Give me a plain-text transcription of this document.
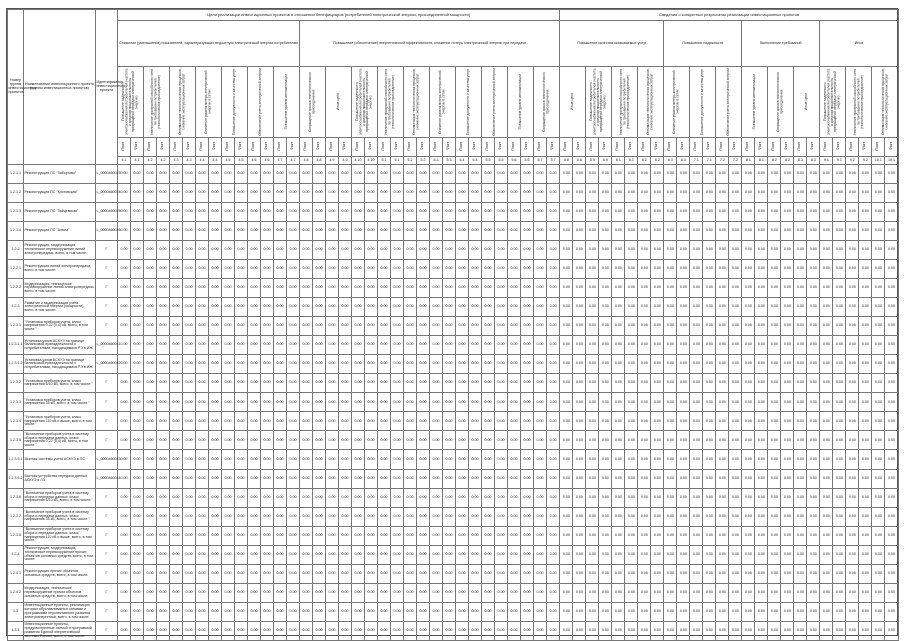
Номер группы инвестиционных проектов	Наименование инвестиционного проекта (группы инвестиционных проектов)	Идентификатор инвестиционного проекта	Цели реализации инвестиционных проектов в отношении бенефициаров (потребителей электрической энергии, присоединенной мощности)																																		Сведения о конкретных результатах реализации инвестиционных проектов																									
			Снижение (уменьшение) показателей, характеризующих недоотпуск электрической энергии потребителям														Повышение (обеспечение) энергетической эффективности, снижение потерь электрической энергии при передаче																				Повышение качества оказываемых услуг								Повышение надежности						Выполнение требований						Иное					

			Повышение надежности электроснабжения потребителей (частота и средняя продолжительность прекращений передачи электрической энергии)		Увеличение пропускной способности сети по требованию потребителей (технологическое присоединение)		Оптимизация технологических процессов, снижение эксплуатационных затрат		Снижение уровня потерь электрической энергии в сетях		Повышение доступности и качества услуг		Обеспечение учета электрической энергии		Повышение уровня автоматизации		Сокращение сроков технологического присоединения		Иные цели		Повышение надежности электроснабжения потребителей (частота и средняя продолжительность прекращений передачи электрической энергии)		Увеличение пропускной способности сети по требованию потребителей (технологическое присоединение)		Оптимизация технологических процессов, снижение эксплуатационных затрат		Снижение уровня потерь электрической энергии в сетях		Повышение доступности и качества услуг		Обеспечение учета электрической энергии		Повышение уровня автоматизации		Сокращение сроков технологического присоединения		Иные цели		Повышение надежности электроснабжения потребителей (частота и средняя продолжительность прекращений передачи электрической энергии)		Увеличение пропускной способности сети по требованию потребителей (технологическое присоединение)		Оптимизация технологических процессов, снижение эксплуатационных затрат		Снижение уровня потерь электрической энергии в сетях		Повышение доступности и качества услуг		Обеспечение учета электрической энергии		Повышение уровня автоматизации		Сокращение сроков технологического присоединения		Иные цели		Повышение надежности электроснабжения потребителей (частота и средняя продолжительность прекращений передачи электрической энергии)		Увеличение пропускной способности сети по требованию потребителей (технологическое присоединение)		Оптимизация технологических процессов, снижение эксплуатационных затрат	

			План	Факт	План	Факт	План	Факт	План	Факт	План	Факт	План	Факт	План	Факт	План	Факт	План	Факт	План	Факт	План	Факт	План	Факт	План	Факт	План	Факт	План	Факт	План	Факт	План	Факт	План	Факт	План	Факт	План	Факт	План	Факт	План	Факт	План	Факт	План	Факт	План	Факт	План	Факт	План	Факт	План	Факт	План	Факт	План	Факт
			4.1	4.1	4.2	4.2	4.3	4.3	4.4	4.4	4.5	4.5	4.6	4.6	4.7	4.7	4.8	4.8	4.9	4.9	4.10	4.10	5.1	5.1	5.2	5.2	5.3	5.3	5.4	5.4	5.5	5.5	5.6	5.6	5.7	5.7	5.8	5.8	5.9	5.9	6.1	6.1	6.2	6.2	6.3	6.3	7.1	7.1	7.2	7.2	8.1	8.1	8.2	8.2	8.3	8.3	9.1	9.1	9.2	9.2	10.1	10.1
1.2.1.1	Реконструкция ПС "Заборгово"	L_0000460023	0.00	0.00	0.00	0.00	0.00	0.00	0.00	0.00	0.00	0.00	0.00	0.00	0.00	0.00	0.00	0.00	0.00	0.00	0.00	0.00	0.00	0.00	0.00	0.00	0.00	0.00	0.00	0.00	0.00	0.00	0.00	0.00	0.00	0.00	0.00	0.00	0.00	0.00	0.00	0.00	0.00	0.00	0.00	0.00	0.00	0.00	0.00	0.00	0.00	0.00	0.00	0.00	0.00	0.00	0.00	0.00	0.00	0.00	0.00	0.00
1.2.1.2	Реконструкция ПС "Кротовская"	L_0000460024	0.00	0.00	0.00	0.00	0.00	0.00	0.00	0.00	0.00	0.00	0.00	0.00	0.00	0.00	0.00	0.00	0.00	0.00	0.00	0.00	0.00	0.00	0.00	0.00	0.00	0.00	0.00	0.00	0.00	0.00	0.00	0.00	0.00	0.00	0.00	0.00	0.00	0.00	0.00	0.00	0.00	0.00	0.00	0.00	0.00	0.00	0.00	0.00	0.00	0.00	0.00	0.00	0.00	0.00	0.00	0.00	0.00	0.00	0.00	0.00
1.2.1.3	Реконструкция ПС "Зайцевская"	L_0000460025	0.00	0.00	0.00	0.00	0.00	0.00	0.00	0.00	0.00	0.00	0.00	0.00	0.00	0.00	0.00	0.00	0.00	0.00	0.00	0.00	0.00	0.00	0.00	0.00	0.00	0.00	0.00	0.00	0.00	0.00	0.00	0.00	0.00	0.00	0.00	0.00	0.00	0.00	0.00	0.00	0.00	0.00	0.00	0.00	0.00	0.00	0.00	0.00	0.00	0.00	0.00	0.00	0.00	0.00	0.00	0.00	0.00	0.00	0.00	0.00
1.2.1.4	Реконструкция ПС "Алмаз"	L_0000460026	0.00	0.00	0.00	0.00	0.00	0.00	0.00	0.00	0.00	0.00	0.00	0.00	0.00	0.00	0.00	0.00	0.00	0.00	0.00	0.00	0.00	0.00	0.00	0.00	0.00	0.00	0.00	0.00	0.00	0.00	0.00	0.00	0.00	0.00	0.00	0.00	0.00	0.00	0.00	0.00	0.00	0.00	0.00	0.00	0.00	0.00	0.00	0.00	0.00	0.00	0.00	0.00	0.00	0.00	0.00	0.00	0.00	0.00	0.00	0.00
1.2.2	Реконструкция, модернизация, техническое перевооружение линий электропередачи, всего, в том числе:	Г	0.00	0.00	0.00	0.00	0.00	0.00	0.00	0.00	0.00	0.00	0.00	0.00	0.00	0.00	0.00	0.00	0.00	0.00	0.00	0.00	0.00	0.00	0.00	0.00	0.00	0.00	0.00	0.00	0.00	0.00	0.00	0.00	0.00	0.00	0.00	0.00	0.00	0.00	0.00	0.00	0.00	0.00	0.00	0.00	0.00	0.00	0.00	0.00	0.00	0.00	0.00	0.00	0.00	0.00	0.00	0.00	0.00	0.00	0.00	0.00
1.2.2.1	Реконструкция линий электропередачи, всего, в том числе:	Г	0.00	0.00	0.00	0.00	0.00	0.00	0.00	0.00	0.00	0.00	0.00	0.00	0.00	0.00	0.00	0.00	0.00	0.00	0.00	0.00	0.00	0.00	0.00	0.00	0.00	0.00	0.00	0.00	0.00	0.00	0.00	0.00	0.00	0.00	0.00	0.00	0.00	0.00	0.00	0.00	0.00	0.00	0.00	0.00	0.00	0.00	0.00	0.00	0.00	0.00	0.00	0.00	0.00	0.00	0.00	0.00	0.00	0.00	0.00	0.00
1.2.2.2	Модернизация, техническое перевооружение линий электропередачи, всего, в том числе:	Г	0.00	0.00	0.00	0.00	0.00	0.00	0.00	0.00	0.00	0.00	0.00	0.00	0.00	0.00	0.00	0.00	0.00	0.00	0.00	0.00	0.00	0.00	0.00	0.00	0.00	0.00	0.00	0.00	0.00	0.00	0.00	0.00	0.00	0.00	0.00	0.00	0.00	0.00	0.00	0.00	0.00	0.00	0.00	0.00	0.00	0.00	0.00	0.00	0.00	0.00	0.00	0.00	0.00	0.00	0.00	0.00	0.00	0.00	0.00	0.00
1.2.3	Развитие и модернизация учета электрической энергии (мощности), всего, в том числе:	Г	0.00	0.00	0.00	0.00	0.00	0.00	0.00	0.00	0.00	0.00	0.00	0.00	0.00	0.00	0.00	0.00	0.00	0.00	0.00	0.00	0.00	0.00	0.00	0.00	0.00	0.00	0.00	0.00	0.00	0.00	0.00	0.00	0.00	0.00	0.00	0.00	0.00	0.00	0.00	0.00	0.00	0.00	0.00	0.00	0.00	0.00	0.00	0.00	0.00	0.00	0.00	0.00	0.00	0.00	0.00	0.00	0.00	0.00	0.00	0.00
1.2.3.1	"Установка приборов учета, класс напряжения 0,22 (0,4) кВ, всего, в том числе:"	Г	0.00	0.00	0.00	0.00	0.00	0.00	0.00	0.00	0.00	0.00	0.00	0.00	0.00	0.00	0.00	0.00	0.00	0.00	0.00	0.00	0.00	0.00	0.00	0.00	0.00	0.00	0.00	0.00	0.00	0.00	0.00	0.00	0.00	0.00	0.00	0.00	0.00	0.00	0.00	0.00	0.00	0.00	0.00	0.00	0.00	0.00	0.00	0.00	0.00	0.00	0.00	0.00	0.00	0.00	0.00	0.00	0.00	0.00	0.00	0.00
1.2.3.1.1	Установка узлов АСКУЭ на границе балансовой принадлежности с потребителями, находящимися РЭ в ИЖ	L_0000460041	0.00	0.00	0.00	0.00	0.00	0.00	0.00	0.00	0.00	0.00	0.00	0.00	0.00	0.00	0.00	0.00	0.00	0.00	0.00	0.00	0.00	0.00	0.00	0.00	0.00	0.00	0.00	0.00	0.00	0.00	0.00	0.00	0.00	0.00	0.00	0.00	0.00	0.00	0.00	0.00	0.00	0.00	0.00	0.00	0.00	0.00	0.00	0.00	0.00	0.00	0.00	0.00	0.00	0.00	0.00	0.00	0.00	0.00	0.00	0.00
1.2.3.1.2	Установка узлов АСКУЭ на границе балансовой принадлежности с потребителями, находящимися РЭ в ИЖ	L_0000460042	0.00	0.00	0.00	0.00	0.00	0.00	0.00	0.00	0.00	0.00	0.00	0.00	0.00	0.00	0.00	0.00	0.00	0.00	0.00	0.00	0.00	0.00	0.00	0.00	0.00	0.00	0.00	0.00	0.00	0.00	0.00	0.00	0.00	0.00	0.00	0.00	0.00	0.00	0.00	0.00	0.00	0.00	0.00	0.00	0.00	0.00	0.00	0.00	0.00	0.00	0.00	0.00	0.00	0.00	0.00	0.00	0.00	0.00	0.00	0.00
1.2.3.2	"Установка приборов учета, класс напряжения 6/10 кВ, всего, в том числе:"	Г	0.00	0.00	0.00	0.00	0.00	0.00	0.00	0.00	0.00	0.00	0.00	0.00	0.00	0.00	0.00	0.00	0.00	0.00	0.00	0.00	0.00	0.00	0.00	0.00	0.00	0.00	0.00	0.00	0.00	0.00	0.00	0.00	0.00	0.00	0.00	0.00	0.00	0.00	0.00	0.00	0.00	0.00	0.00	0.00	0.00	0.00	0.00	0.00	0.00	0.00	0.00	0.00	0.00	0.00	0.00	0.00	0.00	0.00	0.00	0.00
1.2.3.3	"Установка приборов учета, класс напряжения 35 кВ, всего, в том числе:"	Г	0.00	0.00	0.00	0.00	0.00	0.00	0.00	0.00	0.00	0.00	0.00	0.00	0.00	0.00	0.00	0.00	0.00	0.00	0.00	0.00	0.00	0.00	0.00	0.00	0.00	0.00	0.00	0.00	0.00	0.00	0.00	0.00	0.00	0.00	0.00	0.00	0.00	0.00	0.00	0.00	0.00	0.00	0.00	0.00	0.00	0.00	0.00	0.00	0.00	0.00	0.00	0.00	0.00	0.00	0.00	0.00	0.00	0.00	0.00	0.00
1.2.3.4	"Установка приборов учета, класс напряжения 110 кВ и выше, всего, в том числе:"	Г	0.00	0.00	0.00	0.00	0.00	0.00	0.00	0.00	0.00	0.00	0.00	0.00	0.00	0.00	0.00	0.00	0.00	0.00	0.00	0.00	0.00	0.00	0.00	0.00	0.00	0.00	0.00	0.00	0.00	0.00	0.00	0.00	0.00	0.00	0.00	0.00	0.00	0.00	0.00	0.00	0.00	0.00	0.00	0.00	0.00	0.00	0.00	0.00	0.00	0.00	0.00	0.00	0.00	0.00	0.00	0.00	0.00	0.00	0.00	0.00
1.2.3.5	"Включение приборов учета в систему сбора и передачи данных, класс напряжения 0,22 (0,4) кВ, всего, в том числе:"	Г	0.00	0.00	0.00	0.00	0.00	0.00	0.00	0.00	0.00	0.00	0.00	0.00	0.00	0.00	0.00	0.00	0.00	0.00	0.00	0.00	0.00	0.00	0.00	0.00	0.00	0.00	0.00	0.00	0.00	0.00	0.00	0.00	0.00	0.00	0.00	0.00	0.00	0.00	0.00	0.00	0.00	0.00	0.00	0.00	0.00	0.00	0.00	0.00	0.00	0.00	0.00	0.00	0.00	0.00	0.00	0.00	0.00	0.00	0.00	0.00
1.2.3.5.1	Монтаж системы учета АСКУЭ в ПС	L_0000460043	0.00	0.00	0.00	0.00	0.00	0.00	0.00	0.00	0.00	0.00	0.00	0.00	0.00	0.00	0.00	0.00	0.00	0.00	0.00	0.00	0.00	0.00	0.00	0.00	0.00	0.00	0.00	0.00	0.00	0.00	0.00	0.00	0.00	0.00	0.00	0.00	0.00	0.00	0.00	0.00	0.00	0.00	0.00	0.00	0.00	0.00	0.00	0.00	0.00	0.00	0.00	0.00	0.00	0.00	0.00	0.00	0.00	0.00	0.00	0.00
1.2.3.5.2	Монтаж устройства передачи данных АСКУЭ в ЛЭ	L_0000460044	0.00	0.00	0.00	0.00	0.00	0.00	0.00	0.00	0.00	0.00	0.00	0.00	0.00	0.00	0.00	0.00	0.00	0.00	0.00	0.00	0.00	0.00	0.00	0.00	0.00	0.00	0.00	0.00	0.00	0.00	0.00	0.00	0.00	0.00	0.00	0.00	0.00	0.00	0.00	0.00	0.00	0.00	0.00	0.00	0.00	0.00	0.00	0.00	0.00	0.00	0.00	0.00	0.00	0.00	0.00	0.00	0.00	0.00	0.00	0.00
1.2.3.6	"Включение приборов учета в систему сбора и передачи данных, класс напряжения 6/10 кВ, всего, в том числе:"	Г	0.00	0.00	0.00	0.00	0.00	0.00	0.00	0.00	0.00	0.00	0.00	0.00	0.00	0.00	0.00	0.00	0.00	0.00	0.00	0.00	0.00	0.00	0.00	0.00	0.00	0.00	0.00	0.00	0.00	0.00	0.00	0.00	0.00	0.00	0.00	0.00	0.00	0.00	0.00	0.00	0.00	0.00	0.00	0.00	0.00	0.00	0.00	0.00	0.00	0.00	0.00	0.00	0.00	0.00	0.00	0.00	0.00	0.00	0.00	0.00
1.2.3.7	"Включение приборов учета в систему сбора и передачи данных, класс напряжения 35 кВ, всего, в том числе:"	Г	0.00	0.00	0.00	0.00	0.00	0.00	0.00	0.00	0.00	0.00	0.00	0.00	0.00	0.00	0.00	0.00	0.00	0.00	0.00	0.00	0.00	0.00	0.00	0.00	0.00	0.00	0.00	0.00	0.00	0.00	0.00	0.00	0.00	0.00	0.00	0.00	0.00	0.00	0.00	0.00	0.00	0.00	0.00	0.00	0.00	0.00	0.00	0.00	0.00	0.00	0.00	0.00	0.00	0.00	0.00	0.00	0.00	0.00	0.00	0.00
1.2.3.8	"Включение приборов учета в систему сбора и передачи данных, класс напряжения 110 кВ и выше, всего, в том числе:"	Г	0.00	0.00	0.00	0.00	0.00	0.00	0.00	0.00	0.00	0.00	0.00	0.00	0.00	0.00	0.00	0.00	0.00	0.00	0.00	0.00	0.00	0.00	0.00	0.00	0.00	0.00	0.00	0.00	0.00	0.00	0.00	0.00	0.00	0.00	0.00	0.00	0.00	0.00	0.00	0.00	0.00	0.00	0.00	0.00	0.00	0.00	0.00	0.00	0.00	0.00	0.00	0.00	0.00	0.00	0.00	0.00	0.00	0.00	0.00	0.00
1.2.4	Реконструкция, модернизация, техническое перевооружение прочих объектов основных средств, всего, в том числе:	Г	0.00	0.00	0.00	0.00	0.00	0.00	0.00	0.00	0.00	0.00	0.00	0.00	0.00	0.00	0.00	0.00	0.00	0.00	0.00	0.00	0.00	0.00	0.00	0.00	0.00	0.00	0.00	0.00	0.00	0.00	0.00	0.00	0.00	0.00	0.00	0.00	0.00	0.00	0.00	0.00	0.00	0.00	0.00	0.00	0.00	0.00	0.00	0.00	0.00	0.00	0.00	0.00	0.00	0.00	0.00	0.00	0.00	0.00	0.00	0.00
1.2.4.1	Реконструкция прочих объектов основных средств, всего, в том числе:	Г	0.00	0.00	0.00	0.00	0.00	0.00	0.00	0.00	0.00	0.00	0.00	0.00	0.00	0.00	0.00	0.00	0.00	0.00	0.00	0.00	0.00	0.00	0.00	0.00	0.00	0.00	0.00	0.00	0.00	0.00	0.00	0.00	0.00	0.00	0.00	0.00	0.00	0.00	0.00	0.00	0.00	0.00	0.00	0.00	0.00	0.00	0.00	0.00	0.00	0.00	0.00	0.00	0.00	0.00	0.00	0.00	0.00	0.00	0.00	0.00
1.2.4.2	Модернизация, техническое перевооружение прочих объектов основных средств, всего, в том числе:	Г	0.00	0.00	0.00	0.00	0.00	0.00	0.00	0.00	0.00	0.00	0.00	0.00	0.00	0.00	0.00	0.00	0.00	0.00	0.00	0.00	0.00	0.00	0.00	0.00	0.00	0.00	0.00	0.00	0.00	0.00	0.00	0.00	0.00	0.00	0.00	0.00	0.00	0.00	0.00	0.00	0.00	0.00	0.00	0.00	0.00	0.00	0.00	0.00	0.00	0.00	0.00	0.00	0.00	0.00	0.00	0.00	0.00	0.00	0.00	0.00
1.3	Инвестиционные проекты, реализация которых обуславливается схемами и программами перспективного развития электроэнергетики, всего, в том числе:	Г	0.00	0.00	0.00	0.00	0.00	0.00	0.00	0.00	0.00	0.00	0.00	0.00	0.00	0.00	0.00	0.00	0.00	0.00	0.00	0.00	0.00	0.00	0.00	0.00	0.00	0.00	0.00	0.00	0.00	0.00	0.00	0.00	0.00	0.00	0.00	0.00	0.00	0.00	0.00	0.00	0.00	0.00	0.00	0.00	0.00	0.00	0.00	0.00	0.00	0.00	0.00	0.00	0.00	0.00	0.00	0.00	0.00	0.00	0.00	0.00
1.3.1	Инвестиционные проекты, предусмотренные схемой и программой развития Единой энергетической системы России, всего, в том числе:	Г	0.00	0.00	0.00	0.00	0.00	0.00	0.00	0.00	0.00	0.00	0.00	0.00	0.00	0.00	0.00	0.00	0.00	0.00	0.00	0.00	0.00	0.00	0.00	0.00	0.00	0.00	0.00	0.00	0.00	0.00	0.00	0.00	0.00	0.00	0.00	0.00	0.00	0.00	0.00	0.00	0.00	0.00	0.00	0.00	0.00	0.00	0.00	0.00	0.00	0.00	0.00	0.00	0.00	0.00	0.00	0.00	0.00	0.00	0.00	0.00
